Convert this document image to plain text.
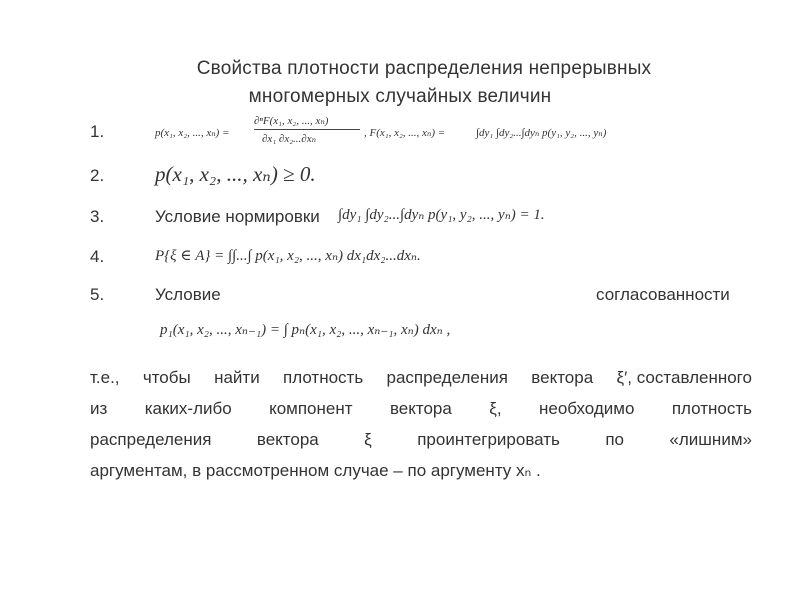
Свойства плотности распределения непрерывных
многомерных случайных величин
1.	p(x₁, x₂, ..., xₙ) =
∂ⁿF(x₁, x₂, ..., xₙ)
∂x₁ ∂x₂...∂xₙ	, F(x₁, x₂, ..., xₙ) =	∫dy₁ ∫dy₂...∫dyₙ p(y₁, y₂, ..., yₙ)
2. p(x₁, x₂, ..., xₙ) ≥ 0.
3.	Условие нормировки ∫dy₁ ∫dy₂...∫dyₙ p(y₁, y₂, ..., yₙ) = 1.
4.	P{ξ ∈ A} = ∫∫...∫ p(x₁, x₂, ..., xₙ) dx₁dx₂...dxₙ.
5.	Условие	согласованности
p₁(x₁, x₂, ..., xₙ₋₁) = ∫ pₙ(x₁, x₂, ..., xₙ₋₁, xₙ) dxₙ ,
т.е., чтобы найти плотность распределения вектора ξ′, составленного
из каких-либо компонент вектора ξ, необходимо плотность
распределения	вектора	ξ	проинтегрировать	по	«лишним»
аргументам, в рассмотренном случае – по аргументу xₙ .
